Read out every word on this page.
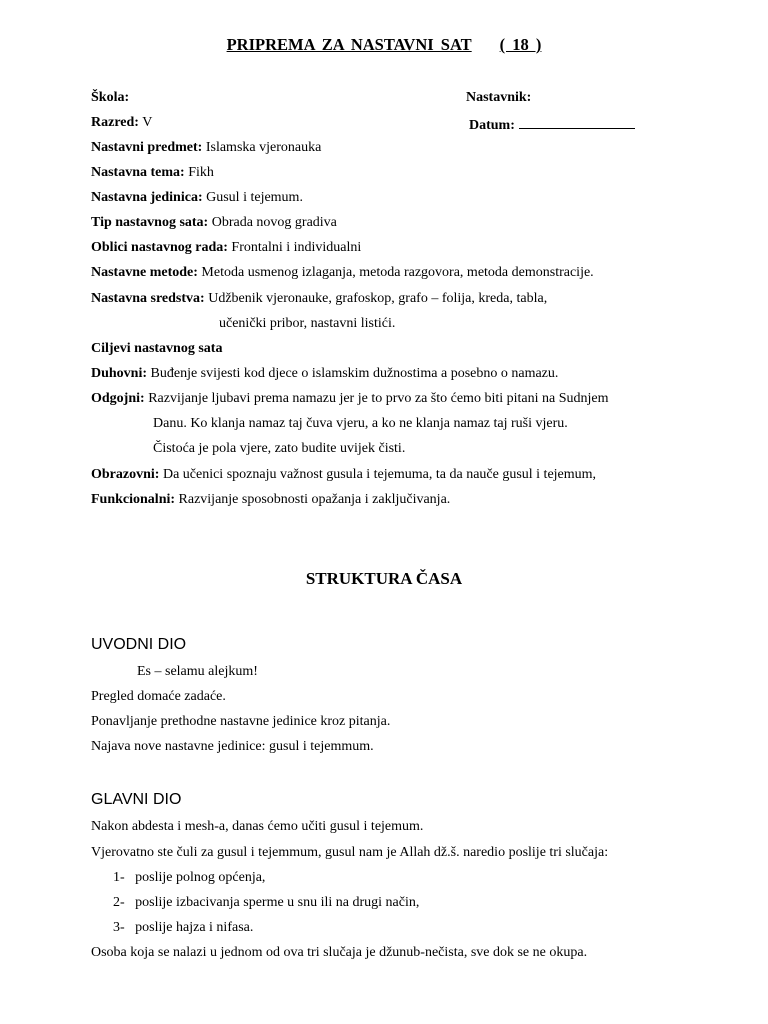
PRIPREMA ZA NASTAVNI SAT ( 18 )
Škola:	Nastavnik:
Razred: V	Datum:
Nastavni predmet: Islamska vjeronauka
Nastavna tema: Fikh
Nastavna jedinica: Gusul i tejemum.
Tip nastavnog sata: Obrada novog gradiva
Oblici nastavnog rada: Frontalni i individualni
Nastavne metode: Metoda usmenog izlaganja, metoda razgovora, metoda demonstracije.
Nastavna sredstva: Udžbenik vjeronauke, grafoskop, grafo – folija, kreda, tabla,
učenički pribor, nastavni listići.
Ciljevi nastavnog sata
Duhovni: Buđenje svijesti kod djece o islamskim dužnostima a posebno o namazu.
Odgojni: Razvijanje ljubavi prema namazu jer je to prvo za što ćemo biti pitani na Sudnjem
Danu. Ko klanja namaz taj čuva vjeru, a ko ne klanja namaz taj ruši vjeru.
Čistoća je pola vjere, zato budite uvijek čisti.
Obrazovni: Da učenici spoznaju važnost gusula i tejemuma, ta da nauče gusul i tejemum,
Funkcionalni: Razvijanje sposobnosti opažanja i zaključivanja.
STRUKTURA ČASA
UVODNI DIO
Es – selamu alejkum!
Pregled domaće zadaće.
Ponavljanje prethodne nastavne jedinice kroz pitanja.
Najava nove nastavne jedinice: gusul i tejemmum.
GLAVNI DIO
Nakon abdesta i mesh-a, danas ćemo učiti gusul i tejemum.
Vjerovatno ste čuli za gusul i tejemmum, gusul nam je Allah dž.š. naredio poslije tri slučaja:
1- poslije polnog općenja,
2- poslije izbacivanja sperme u snu ili na drugi način,
3- poslije hajza i nifasa.
Osoba koja se nalazi u jednom od ova tri slučaja je džunub-nečista, sve dok se ne okupa.
